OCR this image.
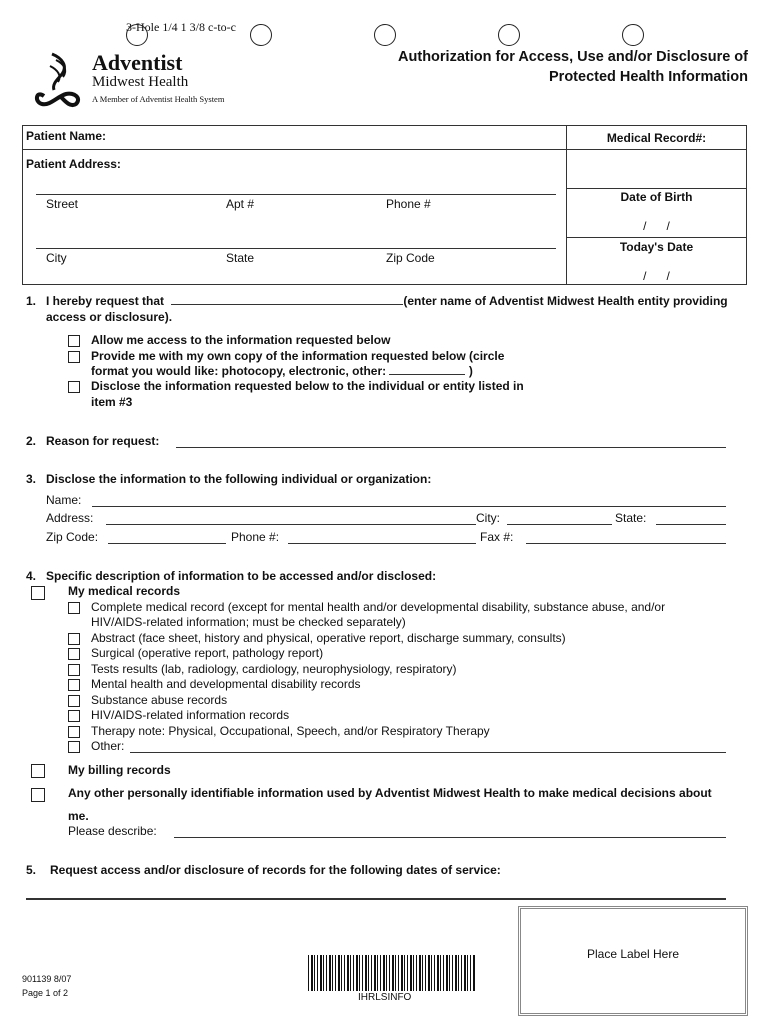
3-Hole 1/4 1 3/8 c-to-c
Adventist
Midwest Health
A Member of Adventist Health System
Authorization for Access, Use and/or Disclosure of
Protected Health Information
Patient Name:	Medical Record#:
Patient Address:
Street	Apt #	Phone #
City	State	Zip Code
Date of Birth
/      /
Today's Date
/      /
1. I hereby request that	(enter name of Adventist Midwest Health entity providing
access or disclosure).
Allow me access to the information requested below
Provide me with my own copy of the information requested below (circle
format you would like: photocopy, electronic, other:	)
Disclose the information requested below to the individual or entity listed in
item #3
2. Reason for request:
3. Disclose the information to the following individual or organization:
Name:
Address:	City:	State:
Zip Code:	Phone #:	Fax #:
4. Specific description of information to be accessed and/or disclosed:
My medical records
Complete medical record (except for mental health and/or developmental disability, substance abuse, and/or
HIV/AIDS-related information; must be checked separately)
Abstract (face sheet, history and physical, operative report, discharge summary, consults)
Surgical (operative report, pathology report)
Tests results (lab, radiology, cardiology, neurophysiology, respiratory)
Mental health and developmental disability records
Substance abuse records
HIV/AIDS-related information records
Therapy note: Physical, Occupational, Speech, and/or Respiratory Therapy
Other:
My billing records
Any other personally identifiable information used by Adventist Midwest Health to make medical decisions about
me.
Please describe:
5. Request access and/or disclosure of records for the following dates of service:
Place Label Here
IHRLSINFO
901139 8/07
Page 1 of 2
